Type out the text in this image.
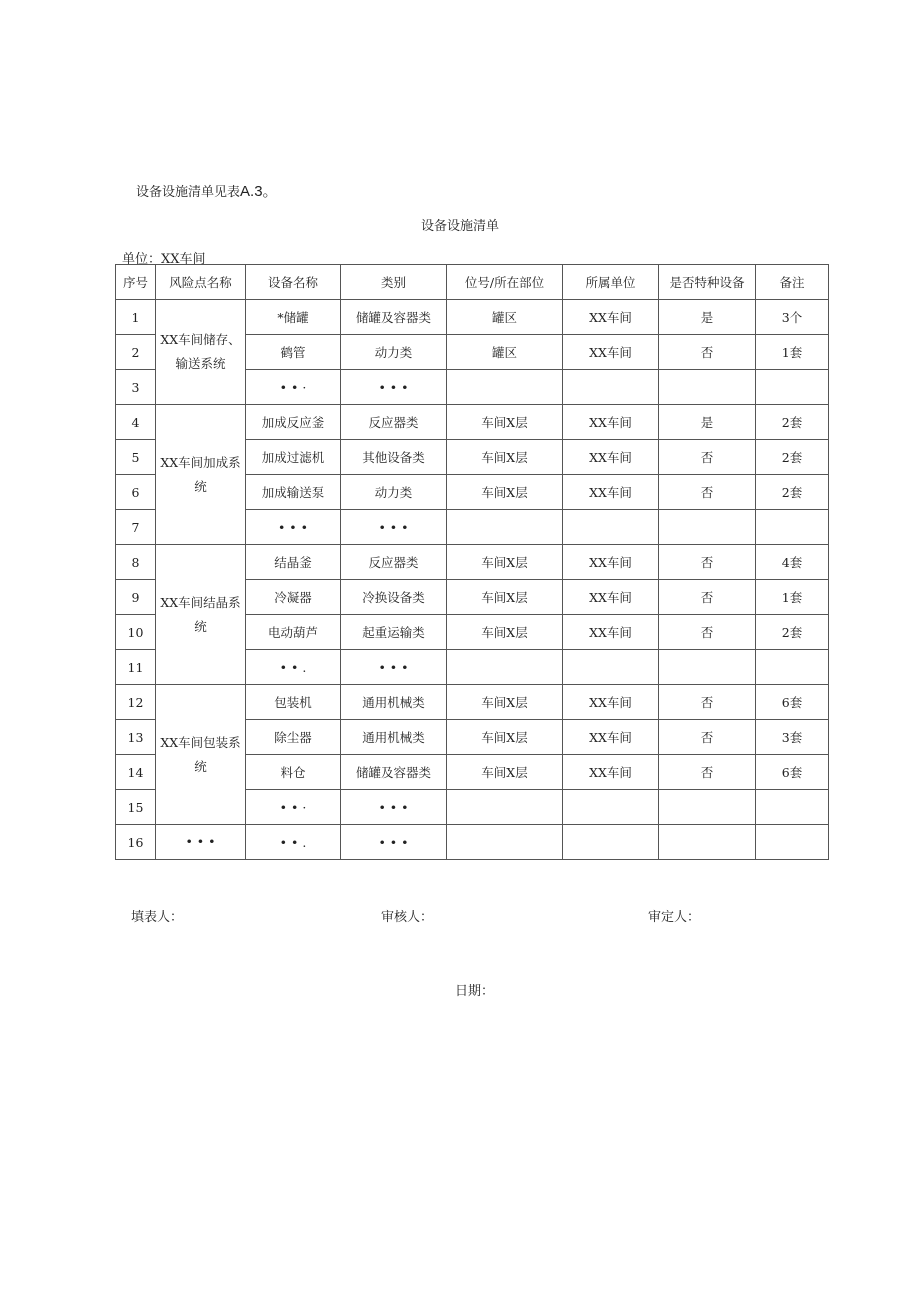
设备设施清单见表A.3。
设备设施清单
单位：XX车间
序号	风险点名称	设备名称	类别	位号/所在部位	所属单位	是否特种设备	备注
1	XX车间储存、输送系统	*储罐	储罐及容器类	罐区	XX车间	是	3个
2		鹤管	动力类	罐区	XX车间	否	1套
3		• • ·	• • •				
4	XX车间加成系统	加成反应釜	反应器类	车间X层	XX车间	是	2套
5		加成过滤机	其他设备类	车间X层	XX车间	否	2套
6		加成输送泵	动力类	车间X层	XX车间	否	2套
7		• • •	• • •				
8	XX车间结晶系统	结晶釜	反应器类	车间X层	XX车间	否	4套
9		冷凝器	冷换设备类	车间X层	XX车间	否	1套
10		电动葫芦	起重运输类	车间X层	XX车间	否	2套
11		• • .	• • •				
12	XX车间包装系统	包装机	通用机械类	车间X层	XX车间	否	6套
13		除尘器	通用机械类	车间X层	XX车间	否	3套
14		料仓	储罐及容器类	车间X层	XX车间	否	6套
15		• • ·	• • •				
16	• • •	• • .	• • •				
填表人：	审核人：	审定人：
日期：
